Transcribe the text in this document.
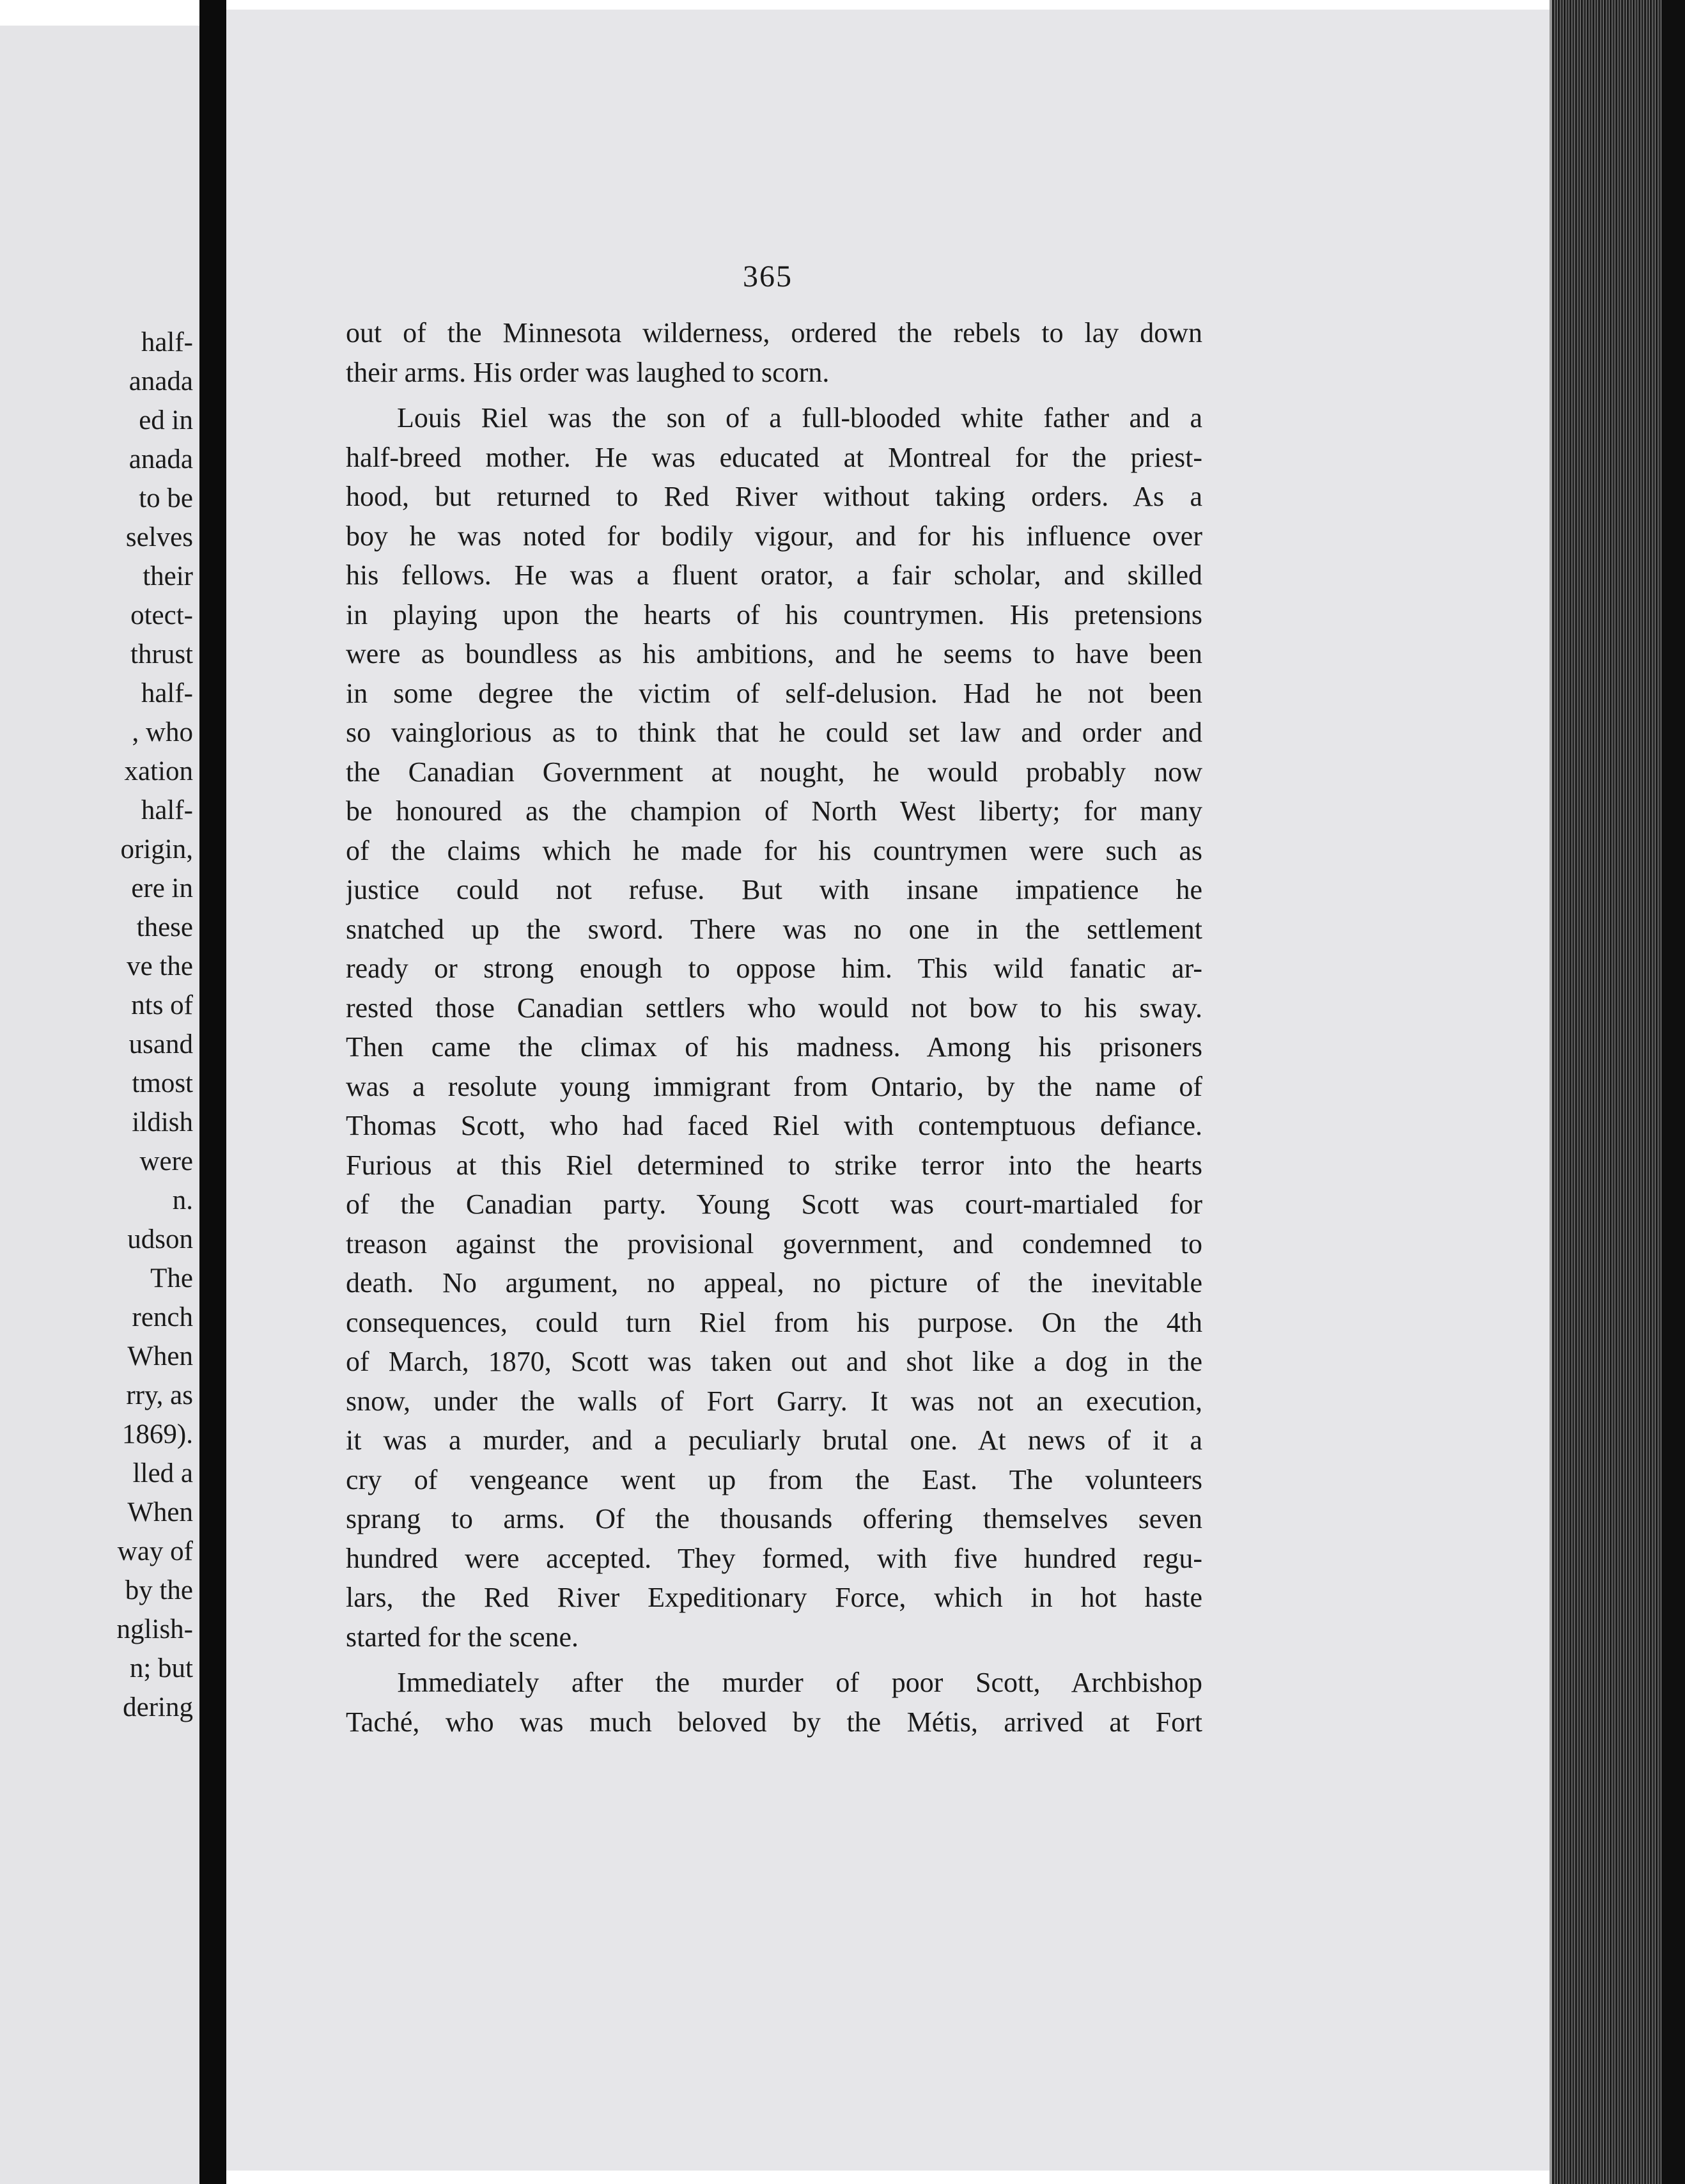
half-

anada

ed in

anada

to be

selves

their

otect-

thrust

half-

, who

xation

half-

origin,

ere in

these

ve the

nts of

usand

tmost

ildish

were

n.

udson

The

rench

When

rry, as

1869).

lled a

When

way of

by the

nglish-

n; but

dering

365

out of the Minnesota wilderness, ordered the rebels to lay down

their arms. His order was laughed to scorn.

Louis Riel was the son of a full-blooded white father and a

half-breed mother. He was educated at Montreal for the priest-

hood, but returned to Red River without taking orders. As a

boy he was noted for bodily vigour, and for his influence over

his fellows. He was a fluent orator, a fair scholar, and skilled

in playing upon the hearts of his countrymen. His pretensions

were as boundless as his ambitions, and he seems to have been

in some degree the victim of self-delusion. Had he not been

so vainglorious as to think that he could set law and order and

the Canadian Government at nought, he would probably now

be honoured as the champion of North West liberty; for many

of the claims which he made for his countrymen were such as

justice could not refuse. But with insane impatience he

snatched up the sword. There was no one in the settlement

ready or strong enough to oppose him. This wild fanatic ar-

rested those Canadian settlers who would not bow to his sway.

Then came the climax of his madness. Among his prisoners

was a resolute young immigrant from Ontario, by the name of

Thomas Scott, who had faced Riel with contemptuous defiance.

Furious at this Riel determined to strike terror into the hearts

of the Canadian party. Young Scott was court-martialed for

treason against the provisional government, and condemned to

death. No argument, no appeal, no picture of the inevitable

consequences, could turn Riel from his purpose. On the 4th

of March, 1870, Scott was taken out and shot like a dog in the

snow, under the walls of Fort Garry. It was not an execution,

it was a murder, and a peculiarly brutal one. At news of it a

cry of vengeance went up from the East. The volunteers

sprang to arms. Of the thousands offering themselves seven

hundred were accepted. They formed, with five hundred regu-

lars, the Red River Expeditionary Force, which in hot haste

started for the scene.

Immediately after the murder of poor Scott, Archbishop

Taché, who was much beloved by the Métis, arrived at Fort
